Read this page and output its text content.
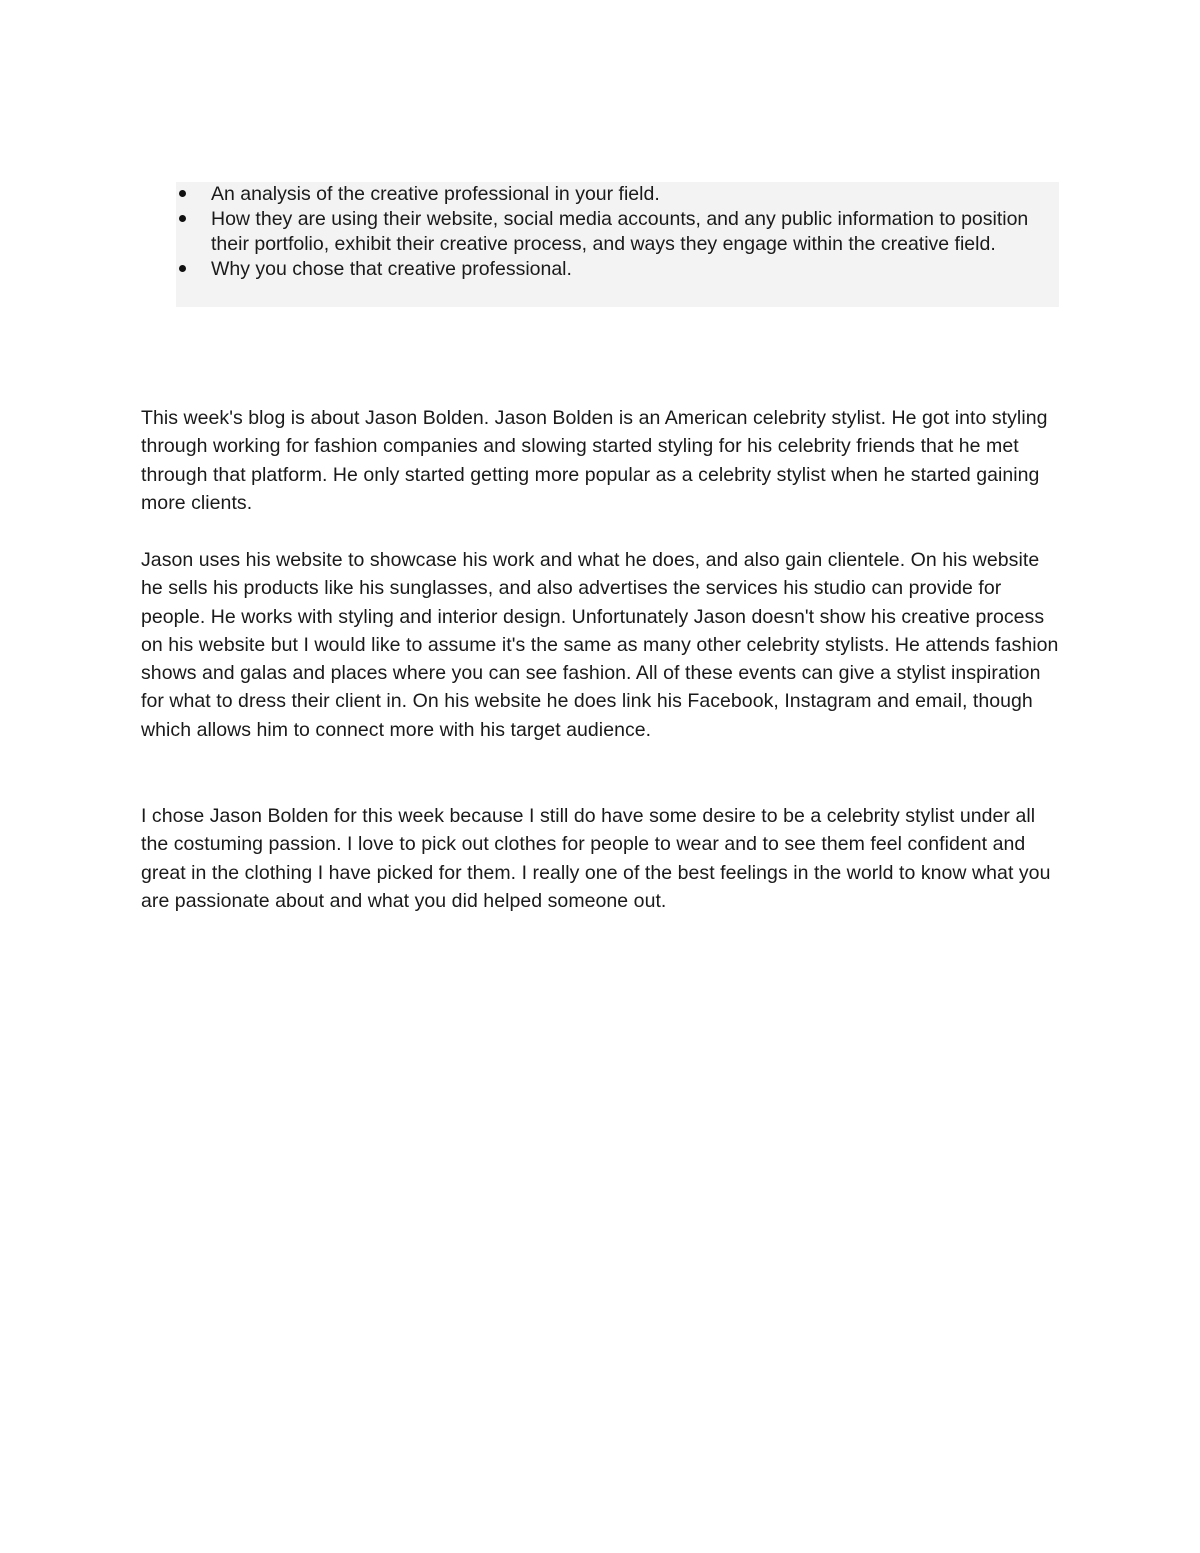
An analysis of the creative professional in your field.
How they are using their website, social media accounts, and any public information to position their portfolio, exhibit their creative process, and ways they engage within the creative field.
Why you chose that creative professional.

This week's blog is about Jason Bolden. Jason Bolden is an American celebrity stylist. He got into styling through working for fashion companies and slowing started styling for his celebrity friends that he met through that platform. He only started getting more popular as a celebrity stylist when he started gaining more clients.

Jason uses his website to showcase his work and what he does, and also gain clientele. On his website he sells his products like his sunglasses, and also advertises the services his studio can provide for people. He works with styling and interior design. Unfortunately Jason doesn't show his creative process on his website but I would like to assume it's the same as many other celebrity stylists. He attends fashion shows and galas and places where you can see fashion. All of these events can give a stylist inspiration for what to dress their client in. On his website he does link his Facebook, Instagram and email, though which allows him to connect more with his target audience.

I chose Jason Bolden for this week because I still do have some desire to be a celebrity stylist under all the costuming passion. I love to pick out clothes for people to wear and to see them feel confident and great in the clothing I have picked for them. I really one of the best feelings in the world to know what you are passionate about and what you did helped someone out.
